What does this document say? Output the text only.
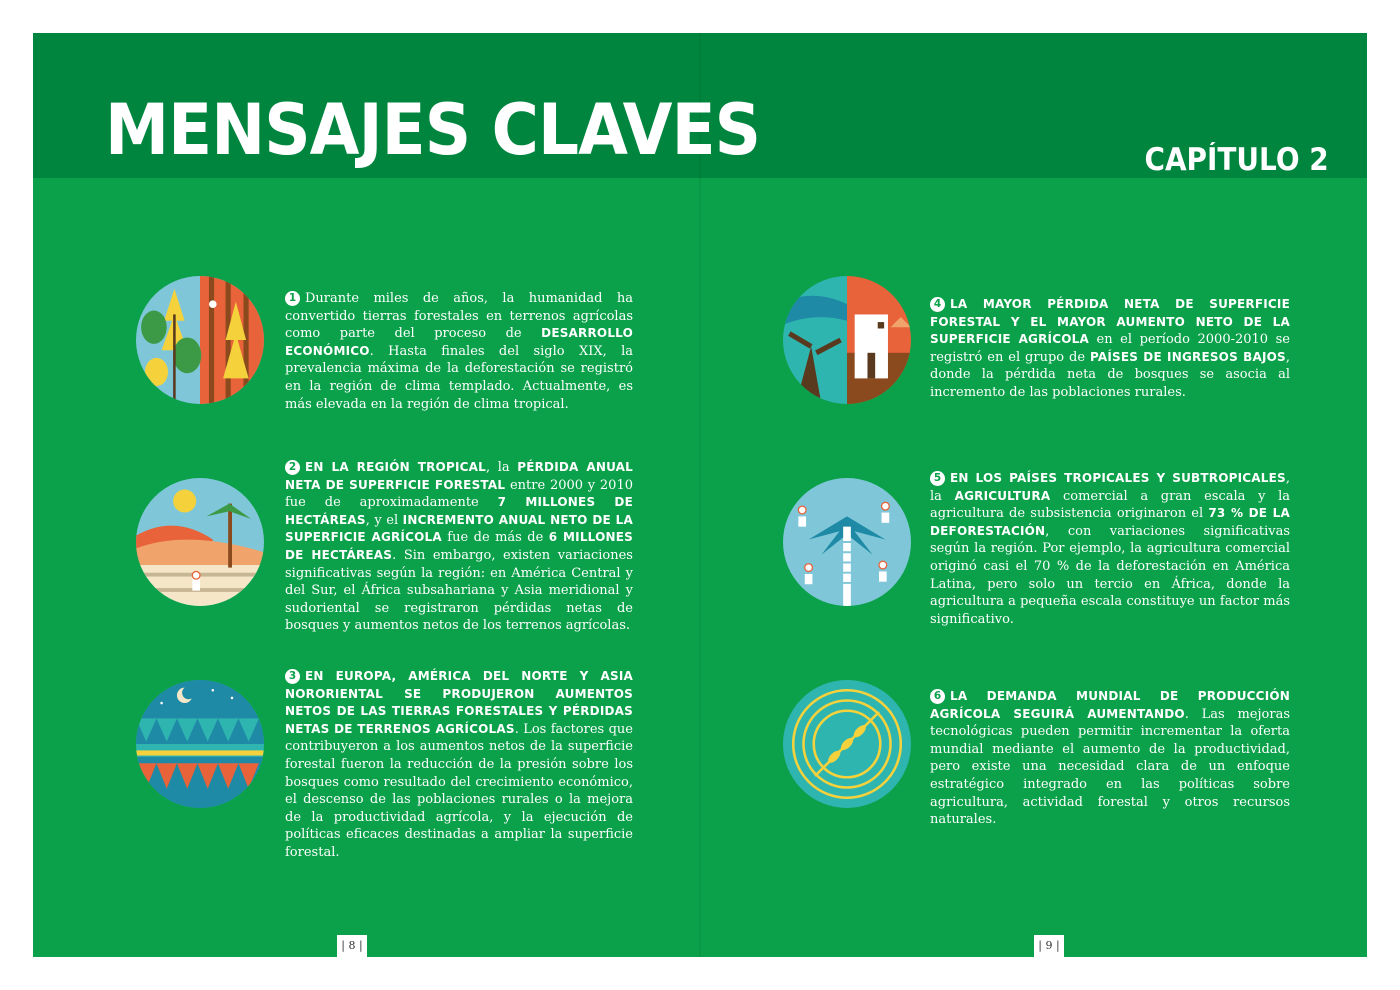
MENSAJES CLAVES	CAPÍTULO 2

1 Durante miles de años, la humanidad ha convertido tierras forestales en terrenos agrícolas como parte del proceso de DESARROLLO ECONÓMICO. Hasta finales del siglo XIX, la prevalencia máxima de la deforestación se registró en la región de clima templado. Actualmente, es más elevada en la región de clima tropical.

2 EN LA REGIÓN TROPICAL, la PÉRDIDA ANUAL NETA DE SUPERFICIE FORESTAL entre 2000 y 2010 fue de aproximadamente 7 MILLONES DE HECTÁREAS, y el INCREMENTO ANUAL NETO DE LA SUPERFICIE AGRÍCOLA fue de más de 6 MILLONES DE HECTÁREAS. Sin embargo, existen variaciones significativas según la región: en América Central y del Sur, el África subsahariana y Asia meridional y sudoriental se registraron pérdidas netas de bosques y aumentos netos de los terrenos agrícolas.

3 EN EUROPA, AMÉRICA DEL NORTE Y ASIA NORORIENTAL SE PRODUJERON AUMENTOS NETOS DE LAS TIERRAS FORESTALES Y PÉRDIDAS NETAS DE TERRENOS AGRÍCOLAS. Los factores que contribuyeron a los aumentos netos de la superficie forestal fueron la reducción de la presión sobre los bosques como resultado del crecimiento económico, el descenso de las poblaciones rurales o la mejora de la productividad agrícola, y la ejecución de políticas eficaces destinadas a ampliar la superficie forestal.

4 LA MAYOR PÉRDIDA NETA DE SUPERFICIE FORESTAL Y EL MAYOR AUMENTO NETO DE LA SUPERFICIE AGRÍCOLA en el período 2000-2010 se registró en el grupo de PAÍSES DE INGRESOS BAJOS, donde la pérdida neta de bosques se asocia al incremento de las poblaciones rurales.

5 EN LOS PAÍSES TROPICALES Y SUBTROPICALES, la AGRICULTURA comercial a gran escala y la agricultura de subsistencia originaron el 73 % DE LA DEFORESTACIÓN, con variaciones significativas según la región. Por ejemplo, la agricultura comercial originó casi el 70 % de la deforestación en América Latina, pero solo un tercio en África, donde la agricultura a pequeña escala constituye un factor más significativo.

6 LA DEMANDA MUNDIAL DE PRODUCCIÓN AGRÍCOLA SEGUIRÁ AUMENTANDO. Las mejoras tecnológicas pueden permitir incrementar la oferta mundial mediante el aumento de la productividad, pero existe una necesidad clara de un enfoque estratégico integrado en las políticas sobre agricultura, actividad forestal y otros recursos naturales.

| 8 |	| 9 |
